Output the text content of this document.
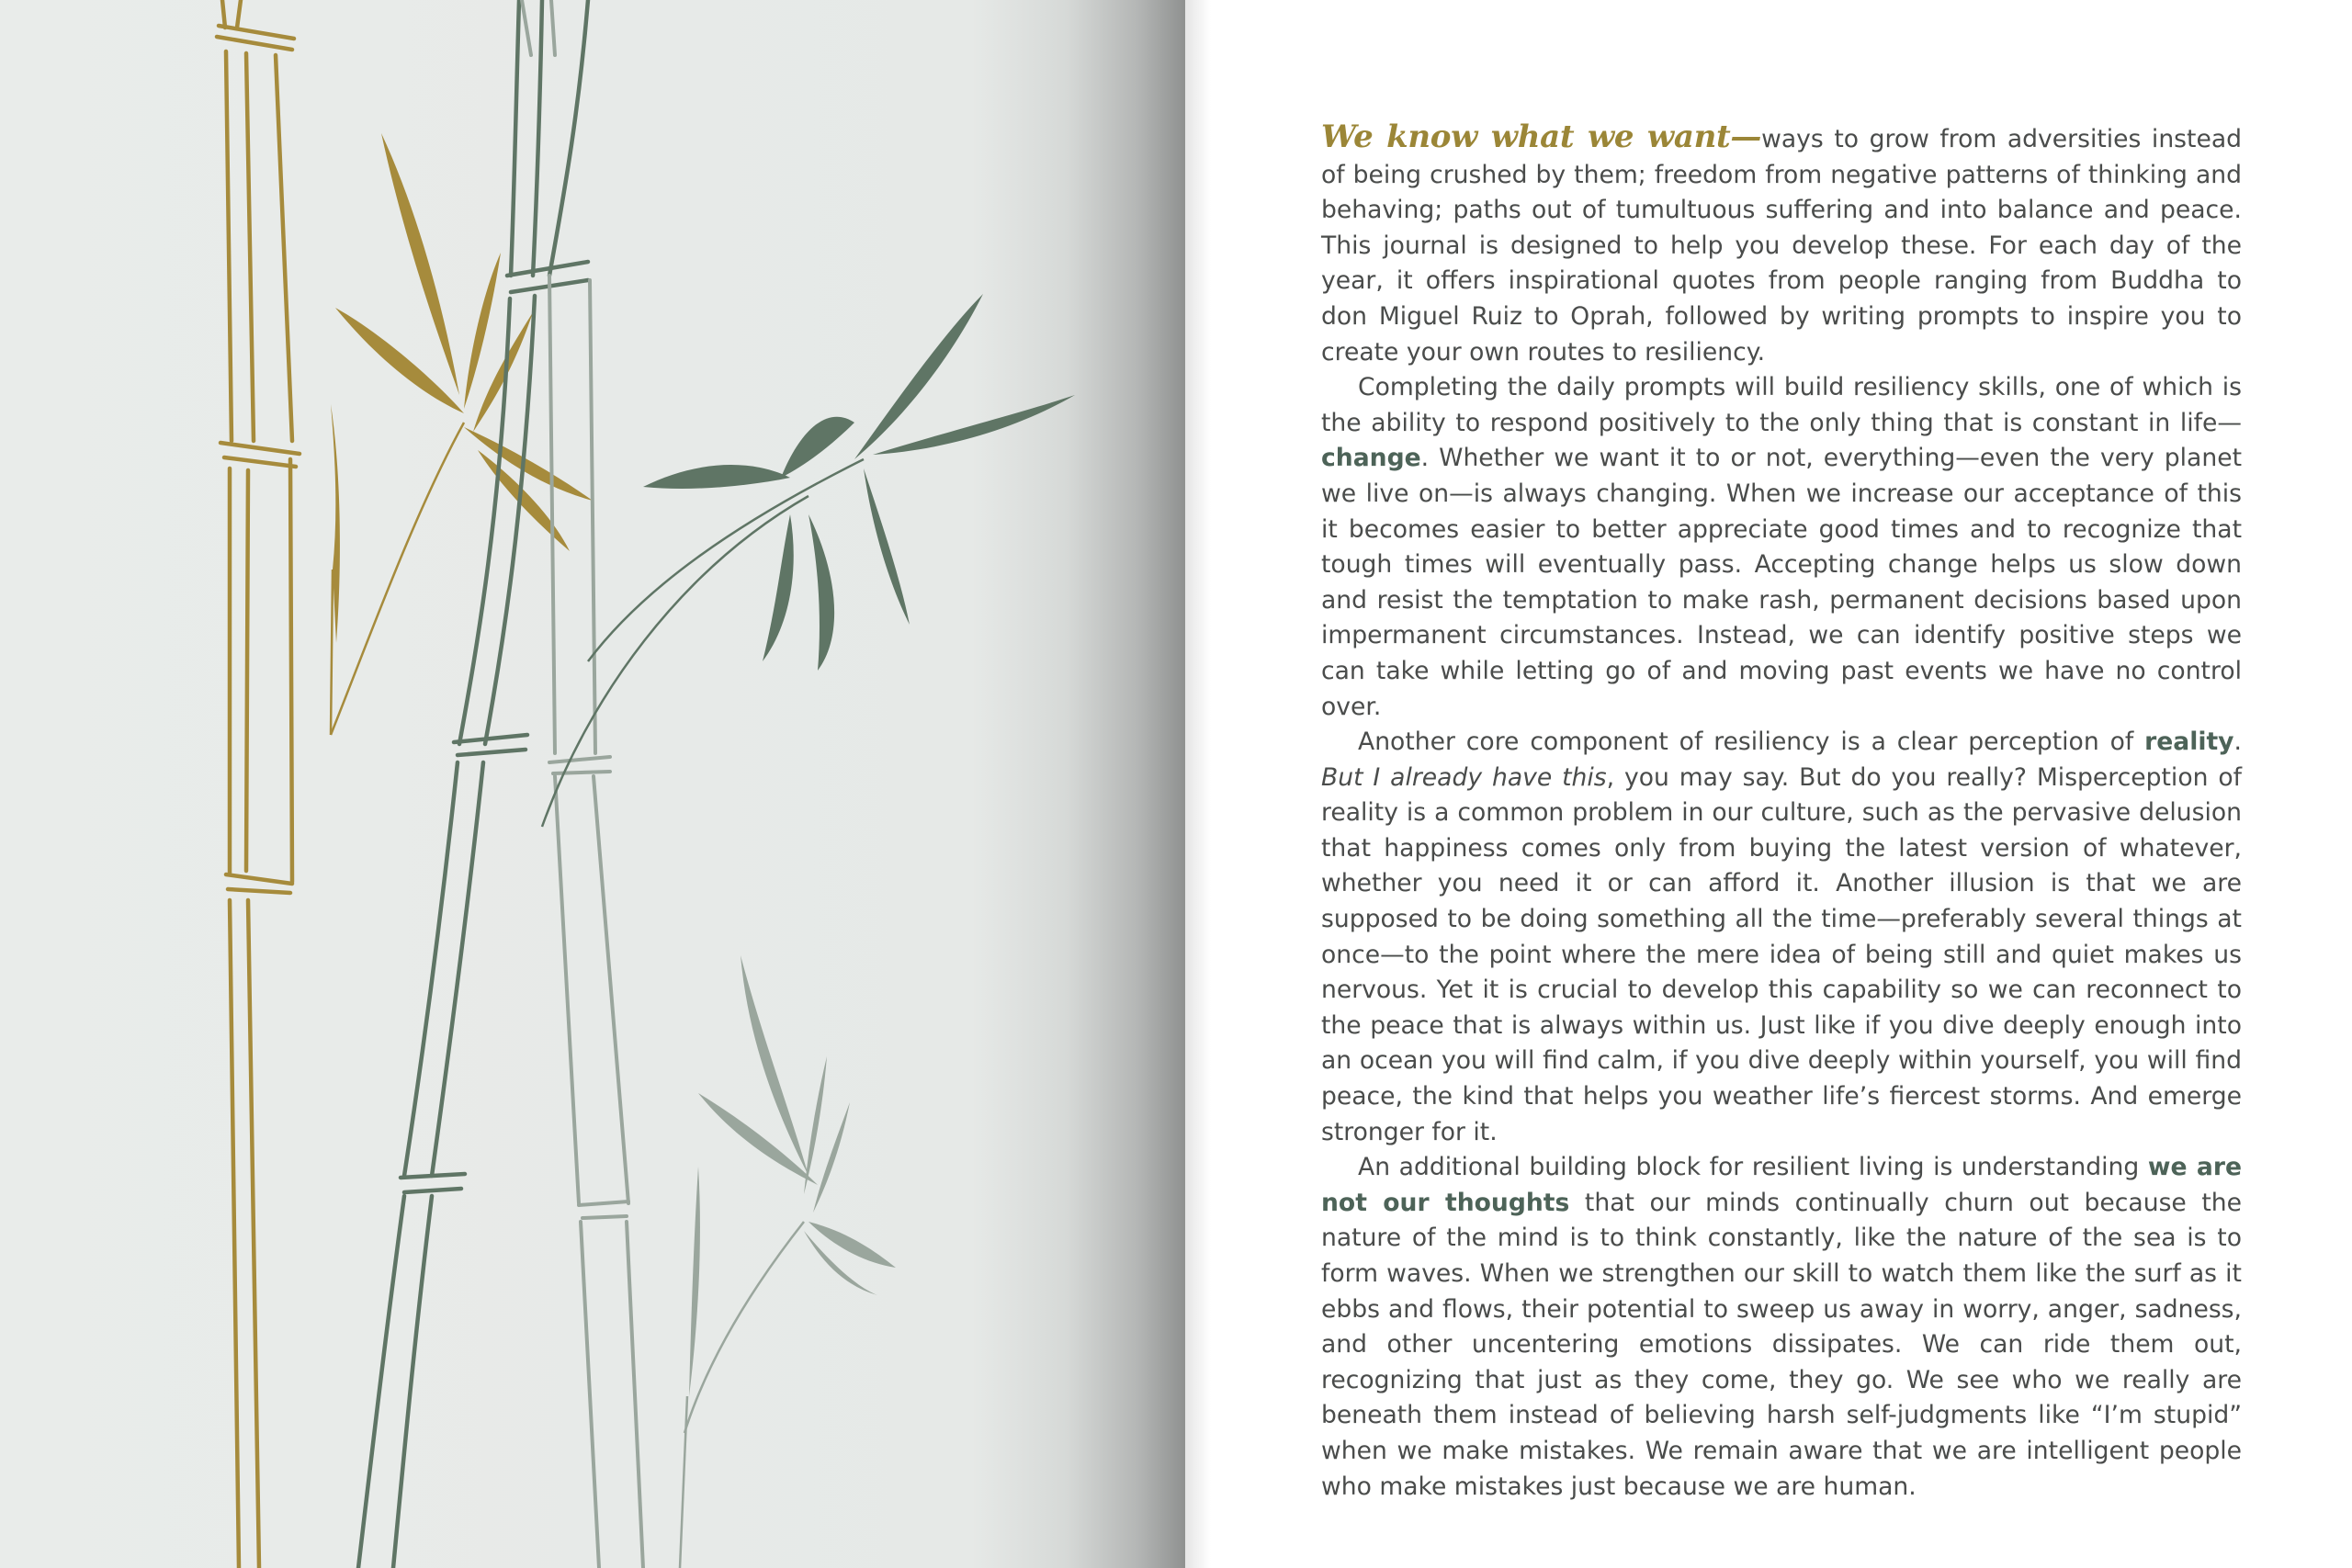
We know what we want—ways to grow from adversities instead of being crushed by them; freedom from negative patterns of thinking and behaving; paths out of tumultuous suffering and into balance and peace. This journal is designed to help you develop these. For each day of the year, it offers inspirational quotes from people ranging from Buddha to don Miguel Ruiz to Oprah, followed by writing prompts to inspire you to create your own routes to resiliency.

Completing the daily prompts will build resiliency skills, one of which is the ability to respond positively to the only thing that is constant in life—change. Whether we want it to or not, everything—even the very planet we live on—is always changing. When we increase our acceptance of this it becomes easier to better appreciate good times and to recognize that tough times will eventually pass. Accepting change helps us slow down and resist the temptation to make rash, permanent decisions based upon impermanent circumstances. Instead, we can identify positive steps we can take while letting go of and moving past events we have no control over.

Another core component of resiliency is a clear perception of reality. But I already have this, you may say. But do you really? Misperception of reality is a common problem in our culture, such as the pervasive delusion that happiness comes only from buying the latest version of whatever, whether you need it or can afford it. Another illusion is that we are supposed to be doing something all the time—preferably several things at once—to the point where the mere idea of being still and quiet makes us nervous. Yet it is crucial to develop this capability so we can reconnect to the peace that is always within us. Just like if you dive deeply enough into an ocean you will find calm, if you dive deeply within yourself, you will find peace, the kind that helps you weather life’s fiercest storms. And emerge stronger for it.

An additional building block for resilient living is understanding we are not our thoughts that our minds continually churn out because the nature of the mind is to think constantly, like the nature of the sea is to form waves. When we strengthen our skill to watch them like the surf as it ebbs and flows, their potential to sweep us away in worry, anger, sadness, and other uncentering emotions dissipates. We can ride them out, recognizing that just as they come, they go. We see who we really are beneath them instead of believing harsh self-judgments like “I’m stupid” when we make mistakes. We remain aware that we are intelligent people who make mistakes just because we are human.
